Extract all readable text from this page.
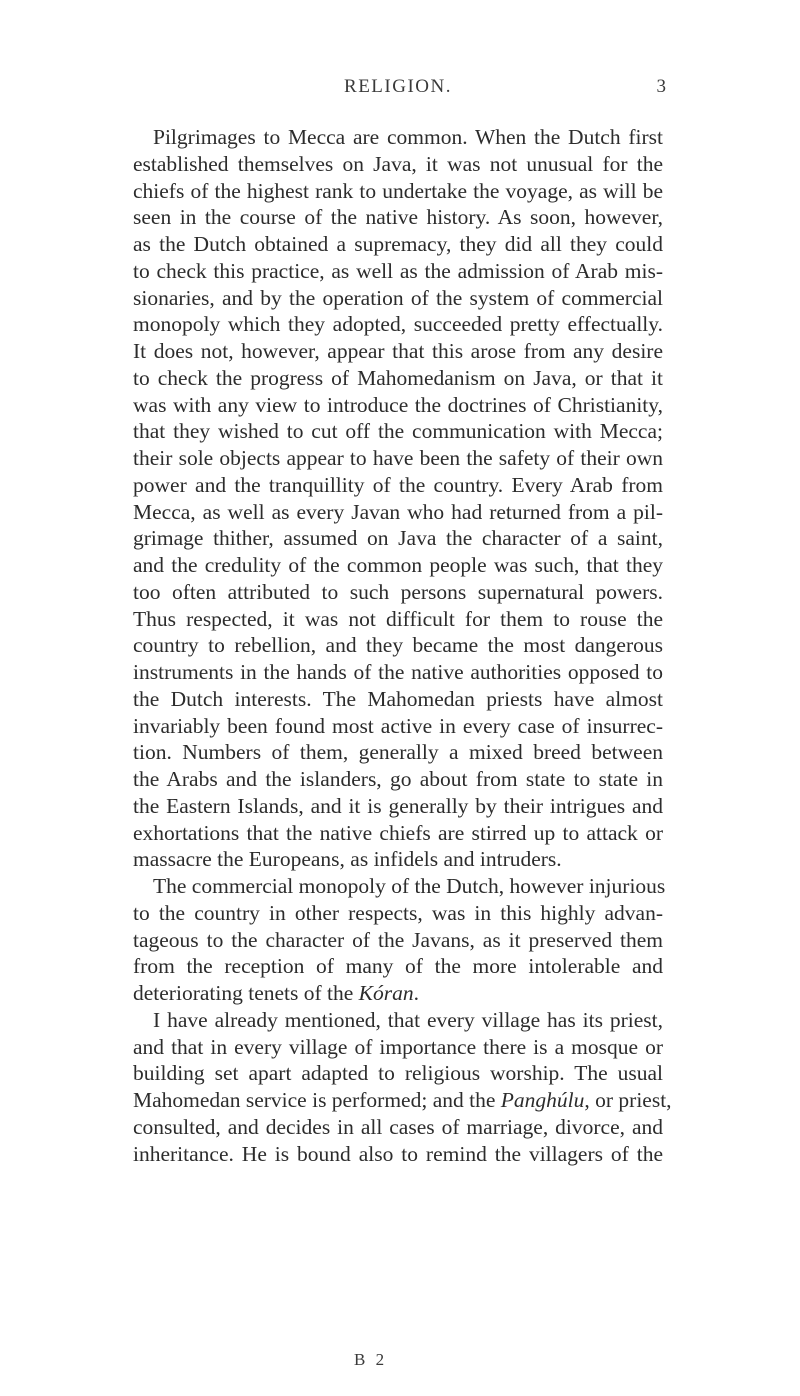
RELIGION.	3
Pilgrimages to Mecca are common. When the Dutch first
established themselves on Java, it was not unusual for the
chiefs of the highest rank to undertake the voyage, as will be
seen in the course of the native history. As soon, however,
as the Dutch obtained a supremacy, they did all they could
to check this practice, as well as the admission of Arab mis-
sionaries, and by the operation of the system of commercial
monopoly which they adopted, succeeded pretty effectually.
It does not, however, appear that this arose from any desire
to check the progress of Mahomedanism on Java, or that it
was with any view to introduce the doctrines of Christianity,
that they wished to cut off the communication with Mecca;
their sole objects appear to have been the safety of their own
power and the tranquillity of the country. Every Arab from
Mecca, as well as every Javan who had returned from a pil-
grimage thither, assumed on Java the character of a saint,
and the credulity of the common people was such, that they
too often attributed to such persons supernatural powers.
Thus respected, it was not difficult for them to rouse the
country to rebellion, and they became the most dangerous
instruments in the hands of the native authorities opposed to
the Dutch interests. The Mahomedan priests have almost
invariably been found most active in every case of insurrec-
tion. Numbers of them, generally a mixed breed between
the Arabs and the islanders, go about from state to state in
the Eastern Islands, and it is generally by their intrigues and
exhortations that the native chiefs are stirred up to attack or
massacre the Europeans, as infidels and intruders.
The commercial monopoly of the Dutch, however injurious
to the country in other respects, was in this highly advan-
tageous to the character of the Javans, as it preserved them
from the reception of many of the more intolerable and
deteriorating tenets of the Kóran.
I have already mentioned, that every village has its priest,
and that in every village of importance there is a mosque or
building set apart adapted to religious worship. The usual
Mahomedan service is performed; and the Panghúlu, or priest,
consulted, and decides in all cases of marriage, divorce, and
inheritance. He is bound also to remind the villagers of the
B 2
